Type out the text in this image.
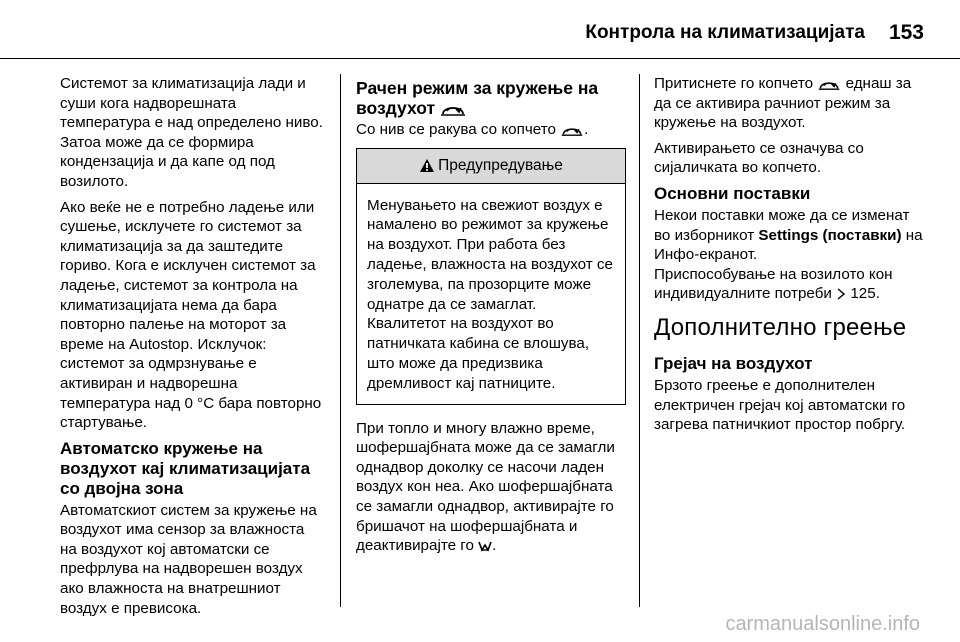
Контрола на климатизацијата 153

Системот за климатизација лади и суши кога надворешната температура е над определено ниво. Затоа може да се формира кондензација и да капе од под возилото.

Ако веќе не е потребно ладење или сушење, исклучете го системот за климатизација за да заштедите гориво. Кога е исклучен системот за ладење, системот за контрола на климатизацијата нема да бара повторно палење на моторот за време на Autostop. Исклучок: системот за одмрзнување е активиран и надворешна температура над 0 °C бара повторно стартување.

Автоматско кружење на воздухот кај климатизацијата со двојна зона

Автоматскиот систем за кружење на воздухот има сензор за влажноста на воздухот кој автоматски се префрлува на надворешен воздух ако влажноста на внатрешниот воздух е превисока.

Рачен режим за кружење на воздухот

Со нив се ракува со копчето .

Предупредување
Менувањето на свежиот воздух е намалено во режимот за кружење на воздухот. При работа без ладење, влажноста на воздухот се зголемува, па прозорците може однатре да се замаглат. Квалитетот на воздухот во патничката кабина се влошува, што може да предизвика дремливост кај патниците.

При топло и многу влажно време, шофершајбната може да се замагли однадвор доколку се насочи ладен воздух кон неа. Ако шофершајбната се замагли однадвор, активирајте го бришачот на шофершајбната и деактивирајте го .

Притиснете го копчето еднаш за да се активира рачниот режим за кружење на воздухот.

Активирањето се означува со сијаличката во копчето.

Основни поставки

Некои поставки може да се изменат во изборникот Settings (поставки) на Инфо-екранот.

Приспособување на возилото кон индивидуалните потреби 125.

Дополнително греење
Грејач на воздухот

Брзото греење е дополнителен електричен грејач кој автоматски го загрева патничкиот простор побргу.

carmanualsonline.info
